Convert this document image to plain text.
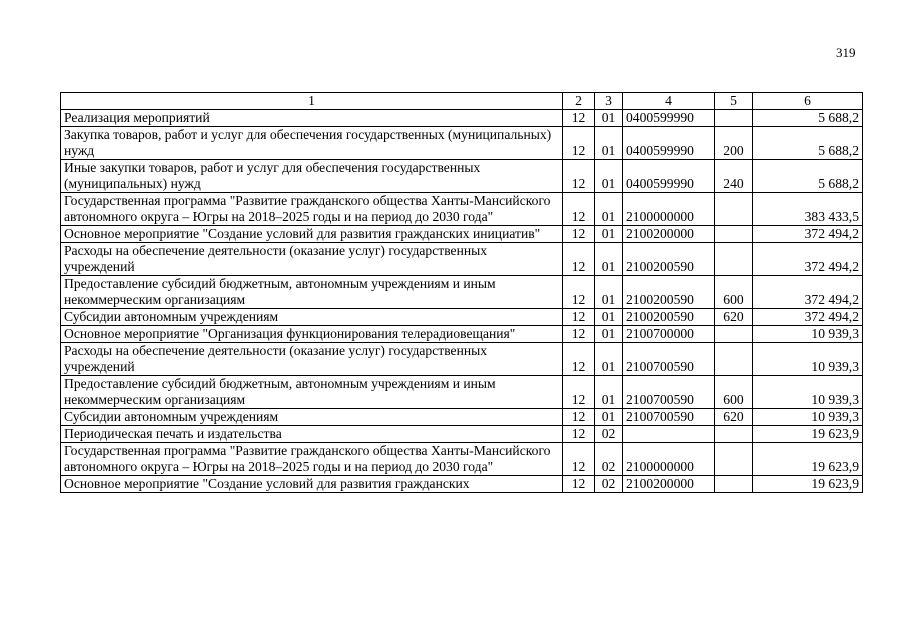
319
1	2	3	4	5	6
Реализация мероприятий	12	01	0400599990		5 688,2
Закупка товаров, работ и услуг для обеспечения государственных (муниципальных) нужд	12	01	0400599990	200	5 688,2
Иные закупки товаров, работ и услуг для обеспечения государственных (муниципальных) нужд	12	01	0400599990	240	5 688,2
Государственная программа "Развитие гражданского общества Ханты-Мансийского автономного округа – Югры на 2018–2025 годы и на период до 2030 года"	12	01	2100000000		383 433,5
Основное мероприятие "Создание условий для развития гражданских инициатив"	12	01	2100200000		372 494,2
Расходы на обеспечение деятельности (оказание услуг) государственных учреждений	12	01	2100200590		372 494,2
Предоставление субсидий бюджетным, автономным учреждениям и иным некоммерческим организациям	12	01	2100200590	600	372 494,2
Субсидии автономным учреждениям	12	01	2100200590	620	372 494,2
Основное мероприятие "Организация функционирования телерадиовещания"	12	01	2100700000		10 939,3
Расходы на обеспечение деятельности (оказание услуг) государственных учреждений	12	01	2100700590		10 939,3
Предоставление субсидий бюджетным, автономным учреждениям и иным некоммерческим организациям	12	01	2100700590	600	10 939,3
Субсидии автономным учреждениям	12	01	2100700590	620	10 939,3
Периодическая печать и издательства	12	02			19 623,9
Государственная программа "Развитие гражданского общества Ханты-Мансийского автономного округа – Югры на 2018–2025 годы и на период до 2030 года"	12	02	2100000000		19 623,9
Основное мероприятие "Создание условий для развития гражданских	12	02	2100200000		19 623,9
